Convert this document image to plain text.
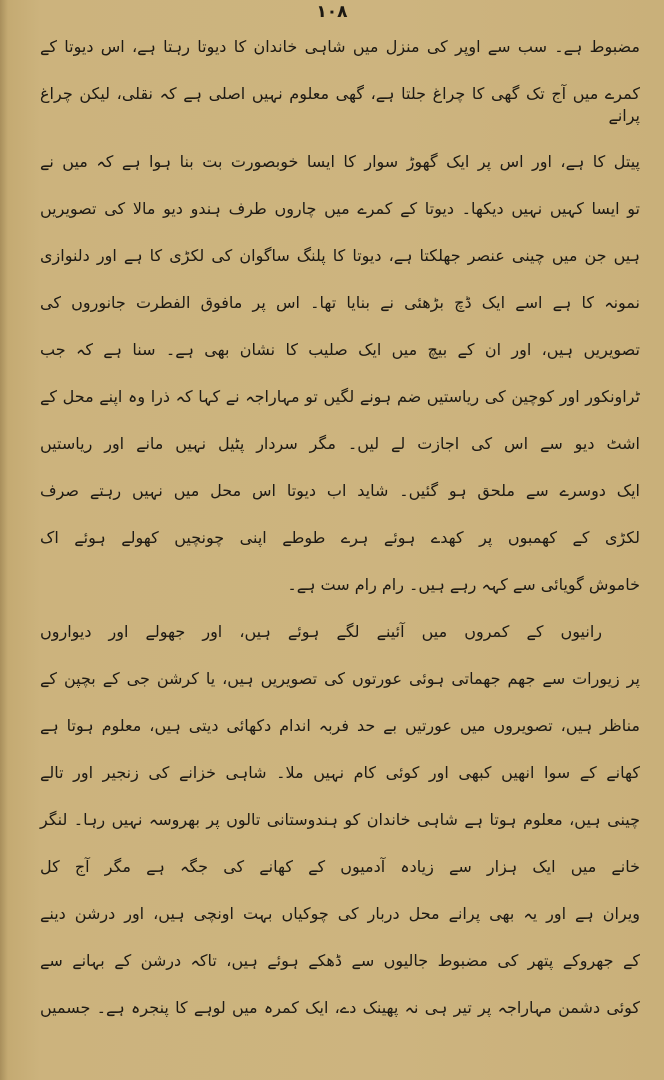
۱۰۸
مضبوط ہے۔ سب سے اوپر کی منزل میں شاہی خاندان کا دیوتا رہتا ہے، اس دیوتا کے
کمرے میں آج تک گھی کا چراغ جلتا ہے، گھی معلوم نہیں اصلی ہے کہ نقلی، لیکن چراغ پرانے
پیتل کا ہے، اور اس پر ایک گھوڑ سوار کا ایسا خوبصورت بت بنا ہوا ہے کہ میں نے
تو ایسا کہیں نہیں دیکھا۔ دیوتا کے کمرے میں چاروں طرف ہندو دیو مالا کی تصویریں
ہیں جن میں چینی عنصر جھلکتا ہے، دیوتا کا پلنگ ساگوان کی لکڑی کا ہے اور دلنوازی
نمونہ کا ہے اسے ایک ڈچ بڑھئی نے بنایا تھا۔ اس پر مافوق الفطرت جانوروں کی
تصویریں ہیں، اور ان کے بیچ میں ایک صلیب کا نشان بھی ہے۔ سنا ہے کہ جب
ٹراونکور اور کوچین کی ریاستیں ضم ہونے لگیں تو مہاراجہ نے کہا کہ ذرا وہ اپنے محل کے
اشٹ دیو سے اس کی اجازت لے لیں۔ مگر سردار پٹیل نہیں مانے اور ریاستیں
ایک دوسرے سے ملحق ہو گئیں۔ شاید اب دیوتا اس محل میں نہیں رہتے صرف
لکڑی کے کھمبوں پر کھدے ہوئے ہرے طوطے اپنی چونچیں کھولے ہوئے اک
خاموش گویائی سے کہہ رہے ہیں۔ رام رام ست ہے۔
رانیوں کے کمروں میں آئینے لگے ہوئے ہیں، اور جھولے اور دیواروں
پر زیورات سے جھم جھماتی ہوئی عورتوں کی تصویریں ہیں، یا کرشن جی کے بچپن کے
مناظر ہیں، تصویروں میں عورتیں بے حد فربہ اندام دکھائی دیتی ہیں، معلوم ہوتا ہے
کھانے کے سوا انھیں کبھی اور کوئی کام نہیں ملا۔ شاہی خزانے کی زنجیر اور تالے
چینی ہیں، معلوم ہوتا ہے شاہی خاندان کو ہندوستانی تالوں پر بھروسہ نہیں رہا۔ لنگر
خانے میں ایک ہزار سے زیادہ آدمیوں کے کھانے کی جگہ ہے مگر آج کل
ویران ہے اور یہ بھی پرانے محل دربار کی چوکیاں بہت اونچی ہیں، اور درشن دینے
کے جھروکے پتھر کی مضبوط جالیوں سے ڈھکے ہوئے ہیں، تاکہ درشن کے بہانے سے
کوئی دشمن مہاراجہ پر تیر ہی نہ پھینک دے، ایک کمرہ میں لوہے کا پنجرہ ہے۔ جسمیں
